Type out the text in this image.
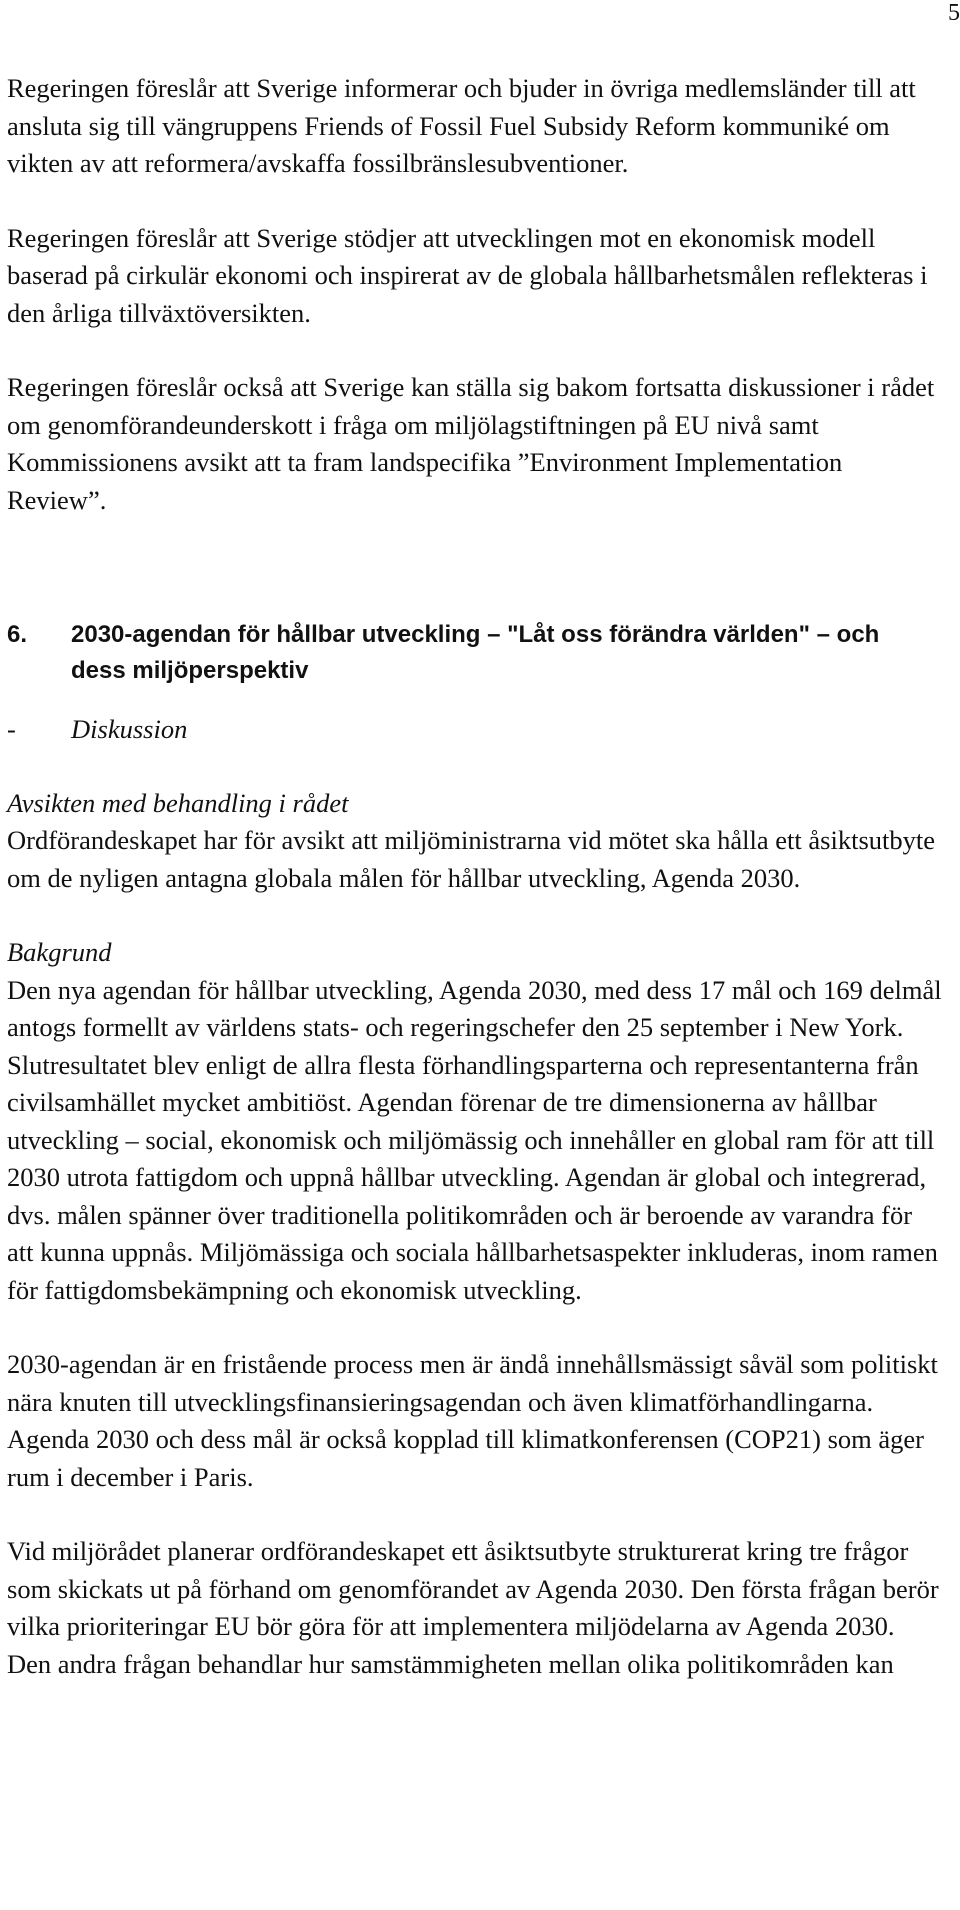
5

Regeringen föreslår att Sverige informerar och bjuder in övriga medlemsländer till att ansluta sig till vängruppens Friends of Fossil Fuel Subsidy Reform kommuniké om vikten av att reformera/avskaffa fossilbränslesubventioner.

Regeringen föreslår att Sverige stödjer att utvecklingen mot en ekonomisk modell baserad på cirkulär ekonomi och inspirerat av de globala hållbarhetsmålen reflekteras i den årliga tillväxtöversikten.

Regeringen föreslår också att Sverige kan ställa sig bakom fortsatta diskussioner i rådet om genomförandeunderskott i fråga om miljölagstiftningen på EU nivå samt Kommissionens avsikt att ta fram landspecifika ”Environment Implementation Review”.

6. 2030-agendan för hållbar utveckling – "Låt oss förändra världen" – och dess miljöperspektiv
- Diskussion

Avsikten med behandling i rådet

Ordförandeskapet har för avsikt att miljöministrarna vid mötet ska hålla ett åsiktsutbyte om de nyligen antagna globala målen för hållbar utveckling, Agenda 2030.

Bakgrund

Den nya agendan för hållbar utveckling, Agenda 2030, med dess 17 mål och 169 delmål antogs formellt av världens stats- och regeringschefer den 25 september i New York. Slutresultatet blev enligt de allra flesta förhandlingsparterna och representanterna från civilsamhället mycket ambitiöst. Agendan förenar de tre dimensionerna av hållbar utveckling – social, ekonomisk och miljömässig och innehåller en global ram för att till 2030 utrota fattigdom och uppnå hållbar utveckling. Agendan är global och integrerad, dvs. målen spänner över traditionella politikområden och är beroende av varandra för att kunna uppnås. Miljömässiga och sociala hållbarhetsaspekter inkluderas, inom ramen för fattigdomsbekämpning och ekonomisk utveckling.

2030-agendan är en fristående process men är ändå innehållsmässigt såväl som politiskt nära knuten till utvecklingsfinansieringsagendan och även klimatförhandlingarna. Agenda 2030 och dess mål är också kopplad till klimatkonferensen (COP21) som äger rum i december i Paris.

Vid miljörådet planerar ordförandeskapet ett åsiktsutbyte strukturerat kring tre frågor som skickats ut på förhand om genomförandet av Agenda 2030. Den första frågan berör vilka prioriteringar EU bör göra för att implementera miljödelarna av Agenda 2030. Den andra frågan behandlar hur samstämmigheten mellan olika politikområden kan
